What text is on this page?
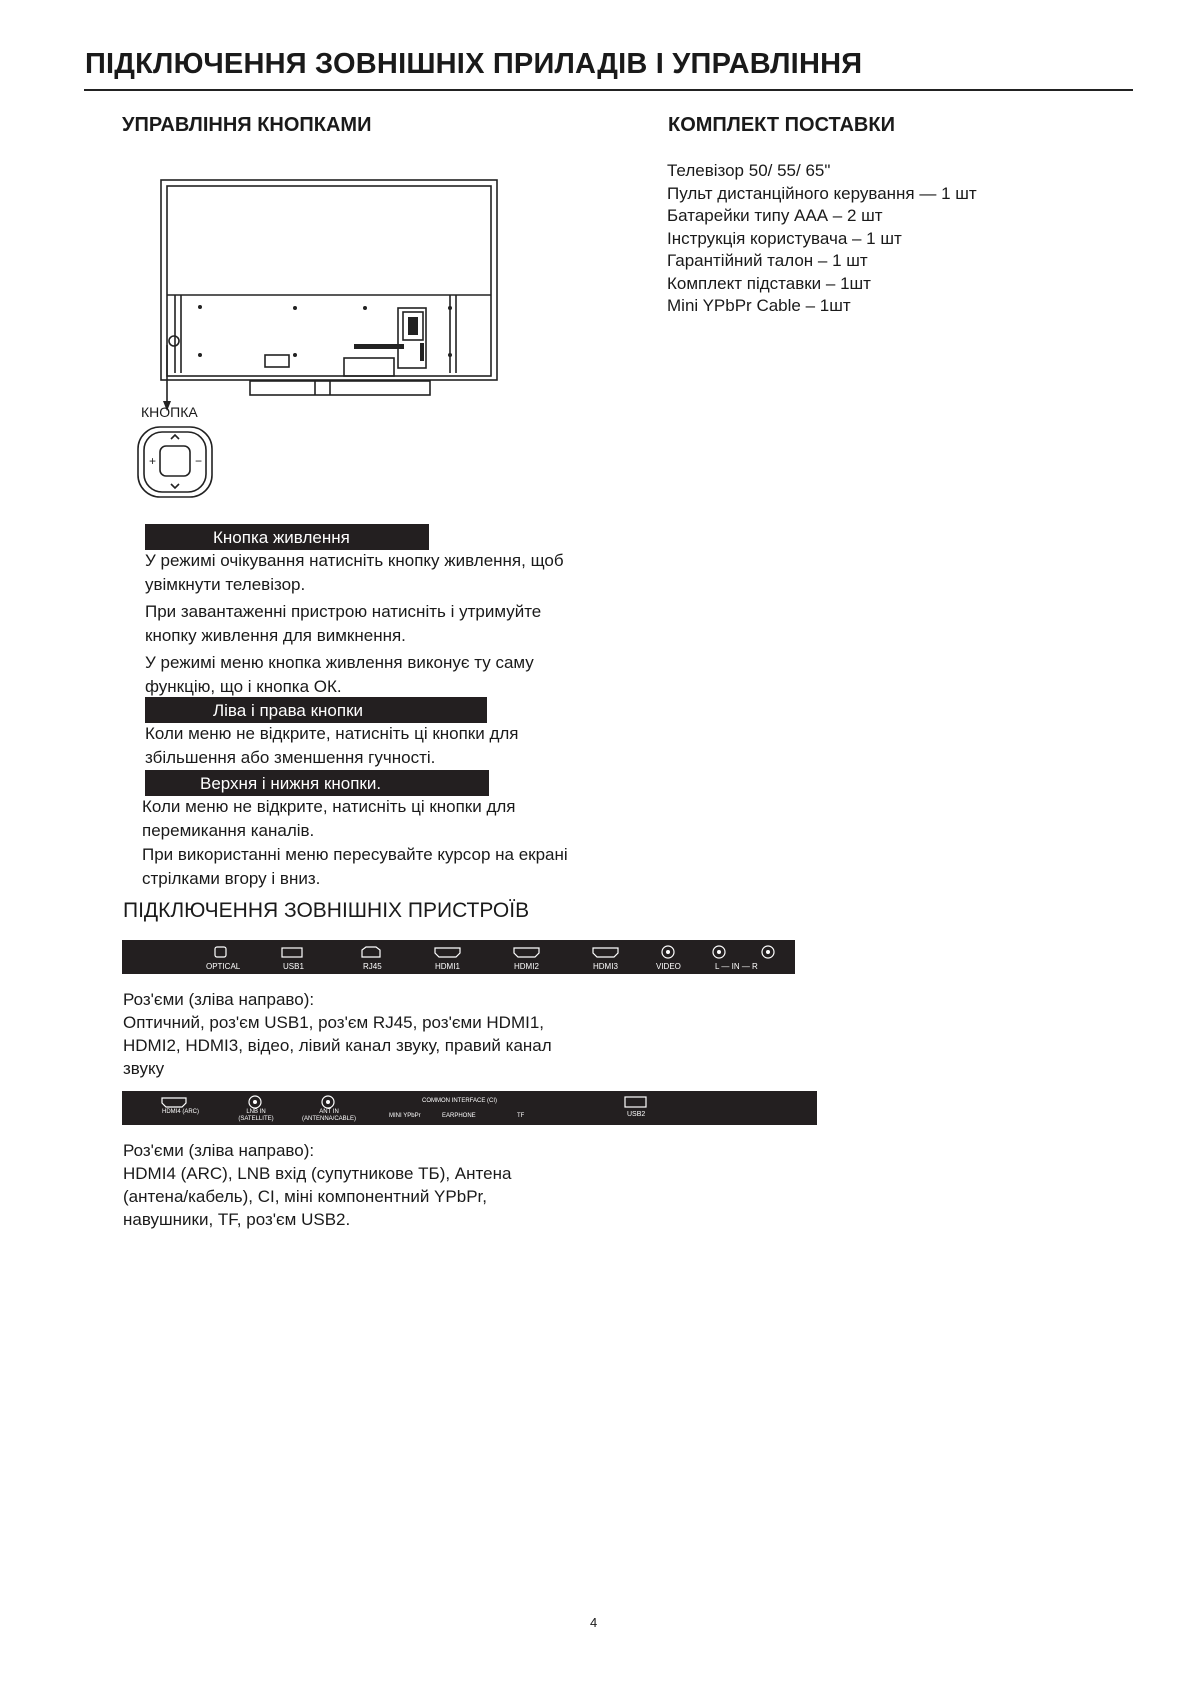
ПІДКЛЮЧЕННЯ ЗОВНІШНІХ ПРИЛАДІВ І УПРАВЛІННЯ
УПРАВЛІННЯ КНОПКАМИ
КНОПКА
+	−
Кнопка живлення
У режимі очікування натисніть кнопку живлення, щоб
увімкнути телевізор.
При завантаженні пристрою натисніть і утримуйте
кнопку живлення для вимкнення.
У режимі меню кнопка живлення виконує ту саму
функцію, що і кнопка ОК.
Ліва і права кнопки
Коли меню не відкрите, натисніть ці кнопки для
збільшення або зменшення гучності.
Верхня і нижня кнопки.
Коли меню не відкрите, натисніть ці кнопки для
перемикання каналів.
При використанні меню пересувайте курсор на екрані
стрілками вгору і вниз.
КОМПЛЕКТ ПОСТАВКИ
Телевізор 50/ 55/ 65"
Пульт дистанційного керування — 1 шт
Батарейки типу ААА – 2 шт
Інструкція користувача – 1 шт
Гарантійний талон – 1 шт
Комплект підставки – 1шт
Mini YPbPr Cable – 1шт
ПІДКЛЮЧЕННЯ ЗОВНІШНІХ ПРИСТРОЇВ
OPTICAL	USB1	RJ45	HDMI1	HDMI2	HDMI3	VIDEO	L — IN — R
Роз'єми (зліва направо):
Оптичний, роз'єм USB1, роз'єм RJ45, роз'єми HDMI1,
HDMI2, HDMI3, відео, лівий канал звуку, правий канал
звуку
HDMI4 (ARC)	LNB IN (SATELLITE)
ANT IN (ANTENNA/CABLE)
COMMON INTERFACE (CI)
MINI YPbPr	EARPHONE	TF	USB2
Роз'єми (зліва направо):
HDMI4 (ARC), LNB вхід (супутникове ТБ), Антена
(антена/кабель), CI, міні компонентний YPbPr,
навушники, TF, роз'єм USB2.
4
